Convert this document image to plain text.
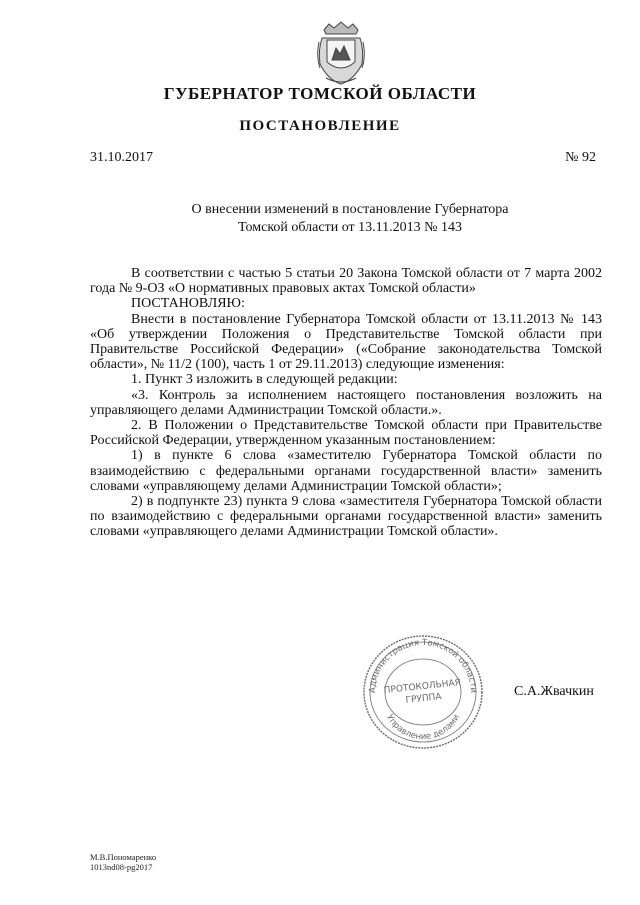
ГУБЕРНАТОР ТОМСКОЙ ОБЛАСТИ
ПОСТАНОВЛЕНИЕ
31.10.2017	№ 92
О внесении изменений в постановление Губернатора
Томской области от 13.11.2013 № 143

В соответствии с частью 5 статьи 20 Закона Томской области от 7 марта 2002 года № 9-ОЗ «О нормативных правовых актах Томской области»

ПОСТАНОВЛЯЮ:

Внести в постановление Губернатора Томской области от 13.11.2013 № 143 «Об утверждении Положения о Представительстве Томской области при Правительстве Российской Федерации» («Собрание законодательства Томской области», № 11/2 (100), часть 1 от 29.11.2013) следующие изменения:

1. Пункт 3 изложить в следующей редакции:

«3. Контроль за исполнением настоящего постановления возложить на управляющего делами Администрации Томской области.».

2. В Положении о Представительстве Томской области при Правительстве Российской Федерации, утвержденном указанным постановлением:

1) в пункте 6 слова «заместителю Губернатора Томской области по взаимодействию с федеральными органами государственной власти» заменить словами «управляющему делами Администрации Томской области»;

2) в подпункте 23) пункта 9 слова «заместителя Губернатора Томской области по взаимодействию с федеральными органами государственной власти» заменить словами «управляющего делами Администрации Томской области».

Администрация Томской области
Управление делами
ПРОТОКОЛЬНАЯ
ГРУППА	С.А.Жвачкин
М.В.Пономаренко
1013nd08-pg2017
